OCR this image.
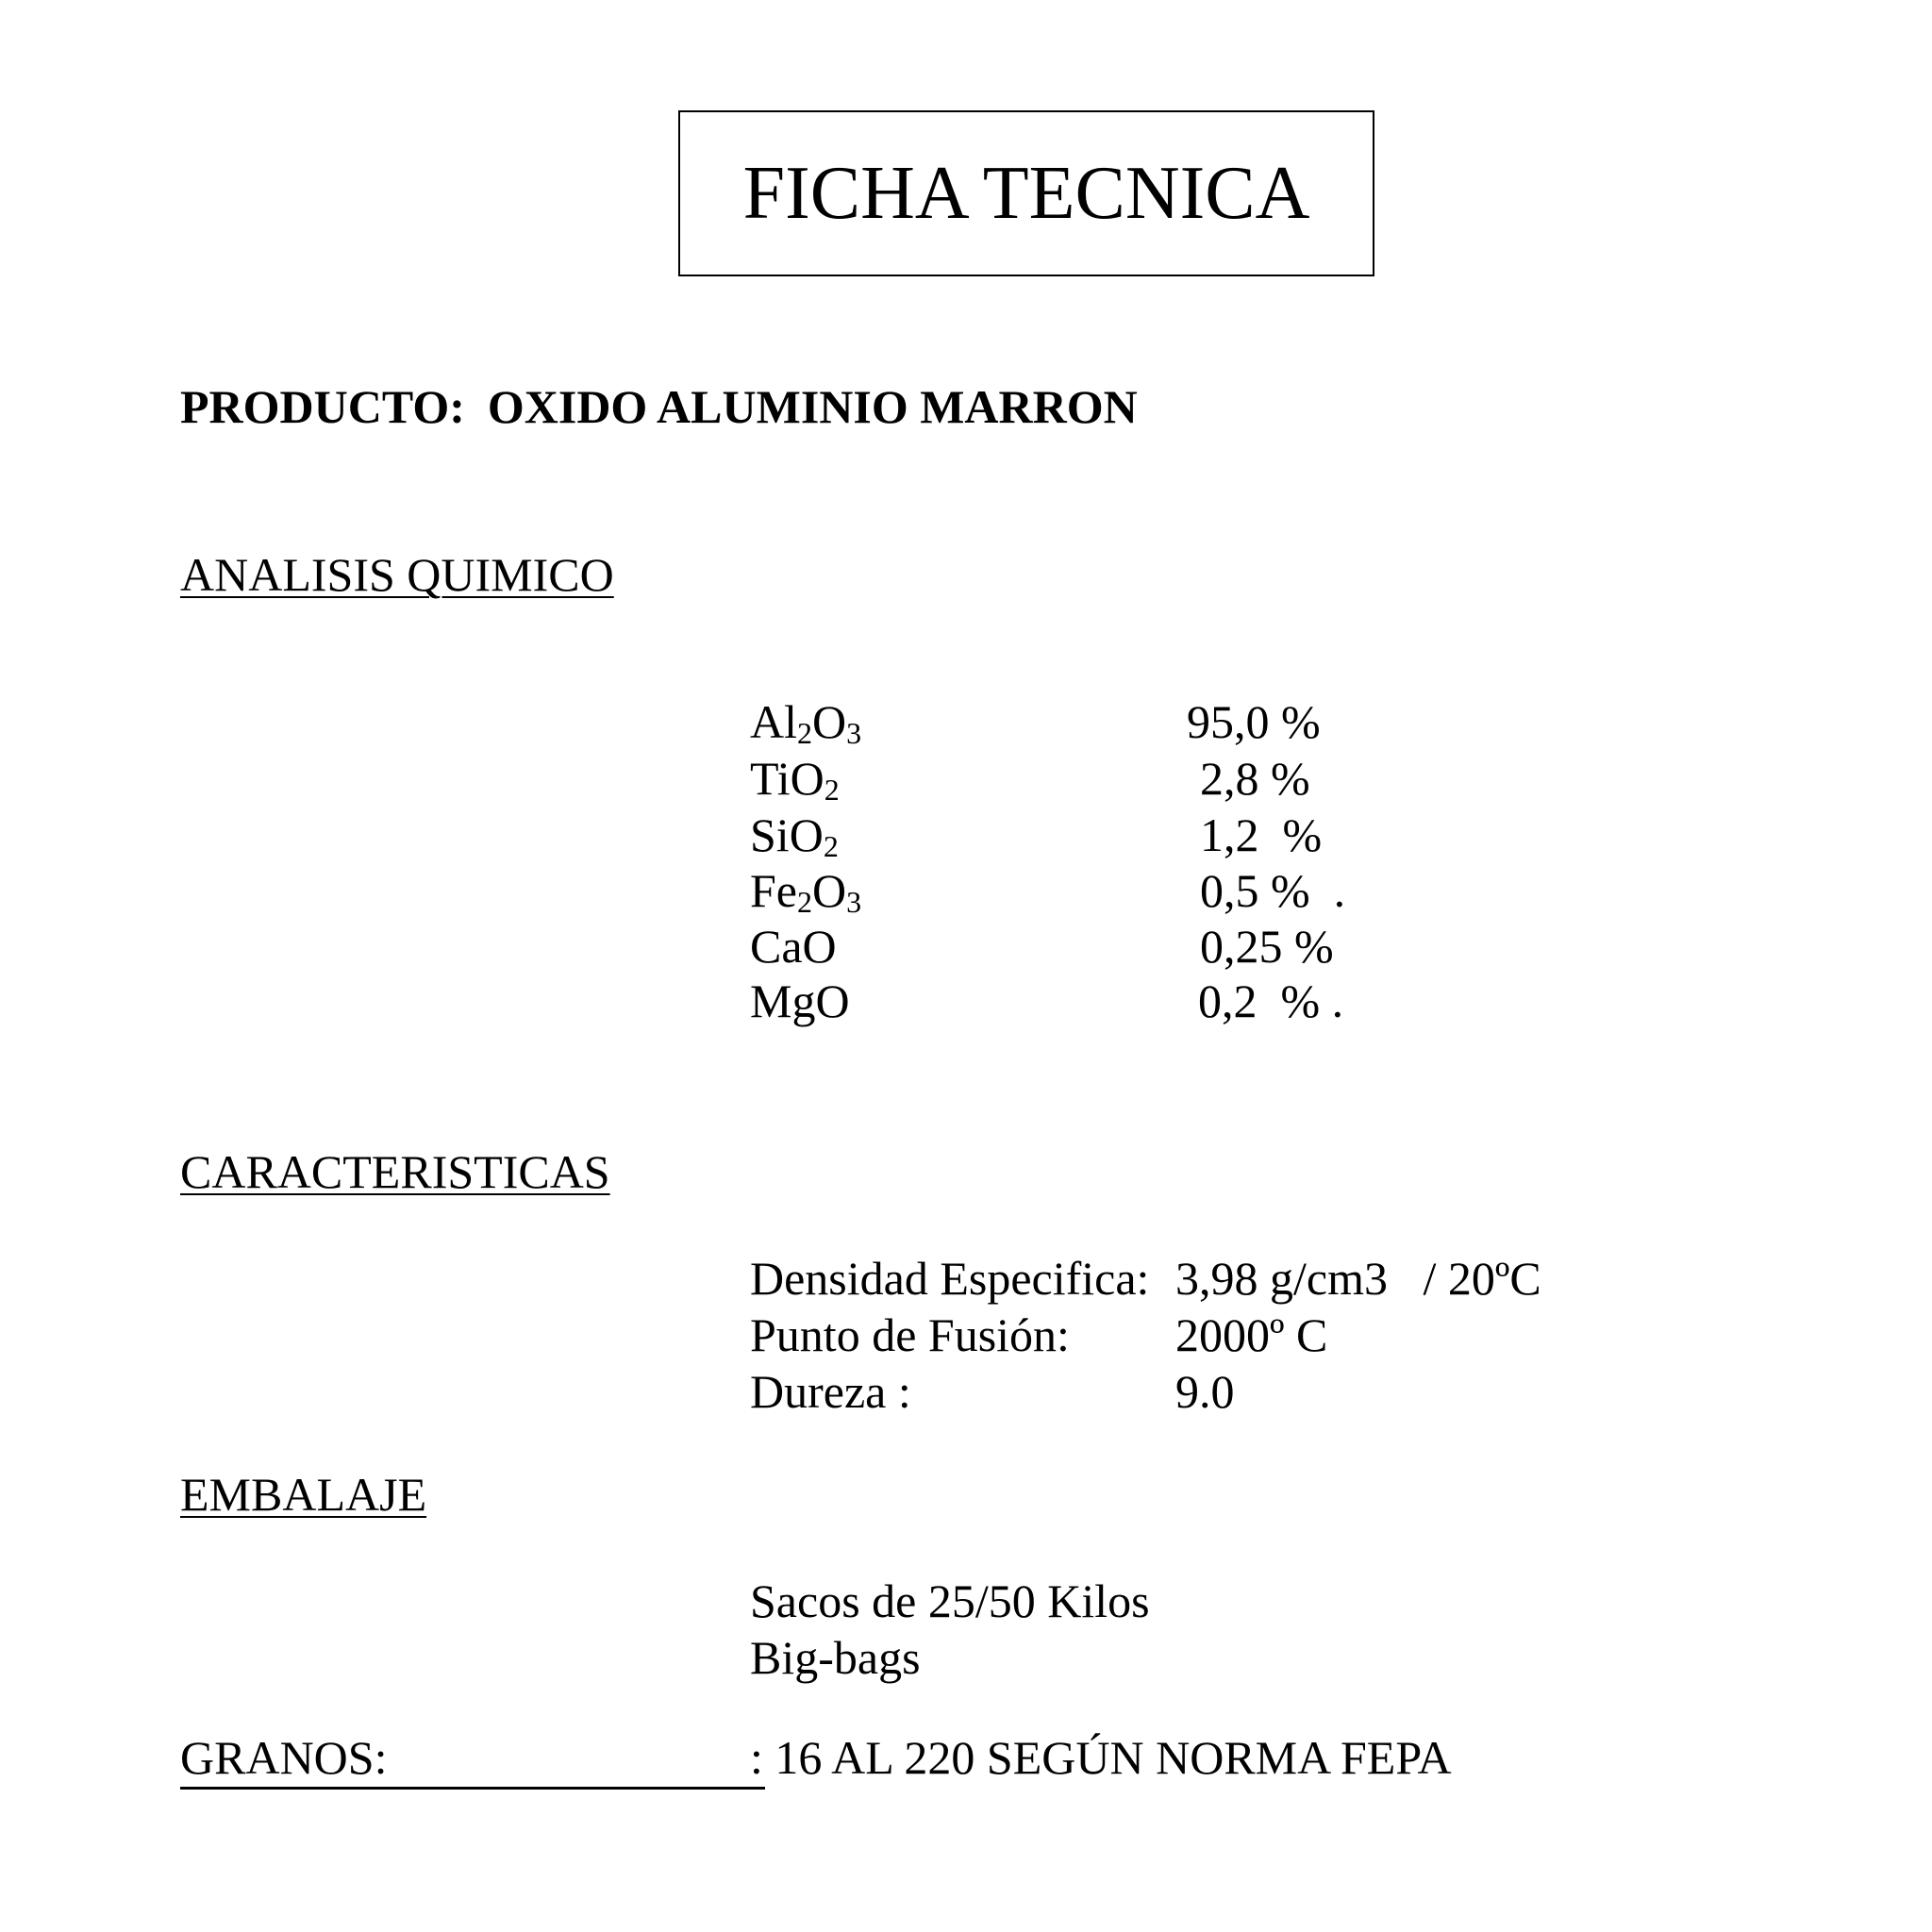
FICHA TECNICA
PRODUCTO: OXIDO ALUMINIO MARRON
ANALISIS QUIMICO
$Al_2O_3$	95,0 %
TiO$_2$	2,8 %
SiO$_2$	1,2  %
$Fe_2O_3$	0,5 %  .
CaO	0,25 %
MgO	0,2  % .
CARACTERISTICAS
Densidad Especifica: 3,98 g/cm3   / 20ºC
Punto de Fusión: 2000º C
Dureza :	9.0
EMBALAJE
Sacos de 25/50 Kilos
Big-bags
GRANOS:	: 16 AL 220 SEGÚN NORMA FEPA
